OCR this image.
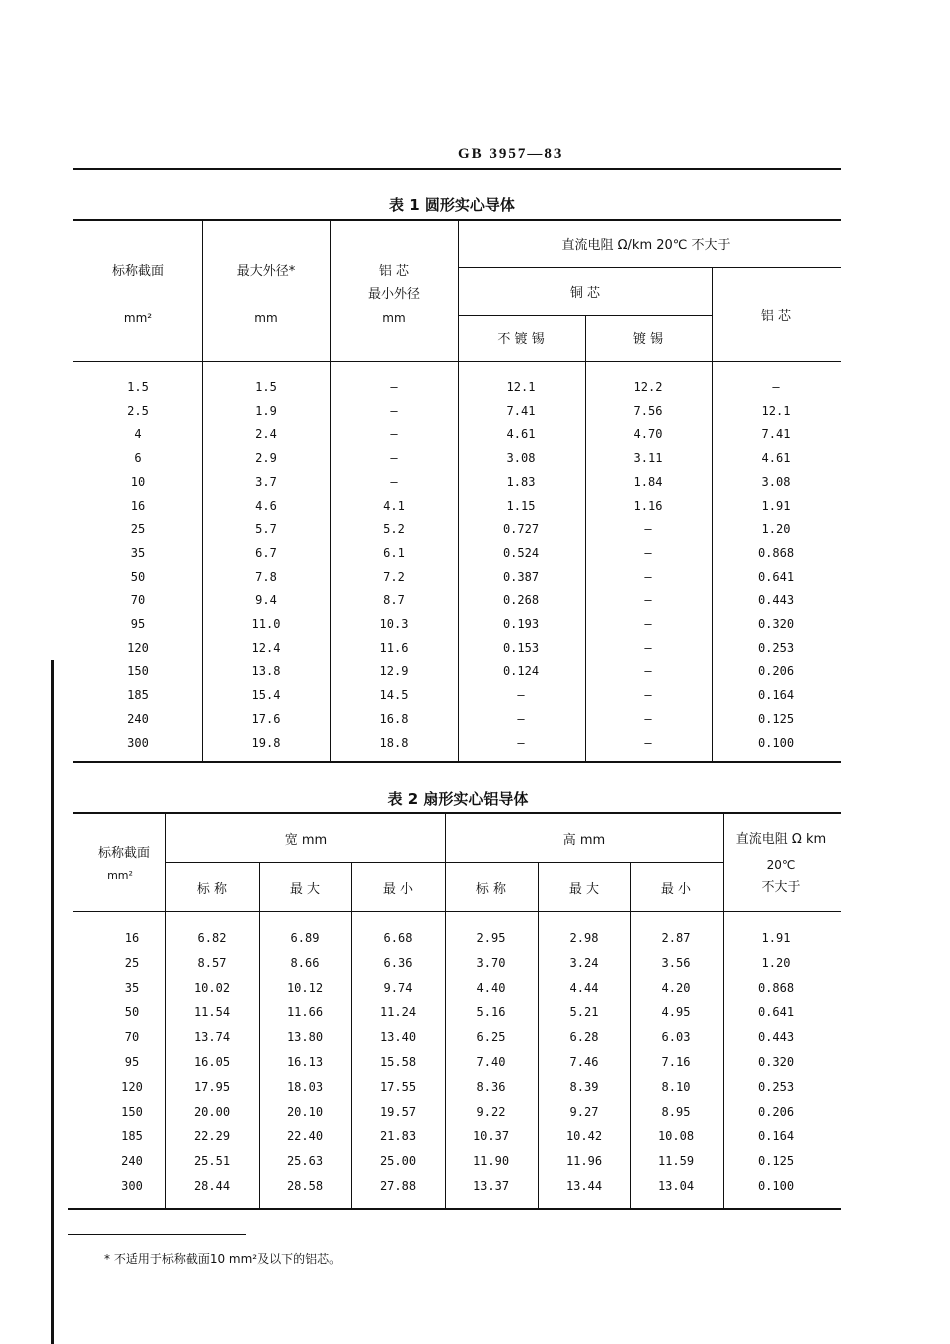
GB 3957—83
表 1 圆形实心导体
标称截面
mm²
最大外径*
mm
铝 芯
最小外径
mm
直流电阻 Ω/km 20℃ 不大于
铜 芯
不 镀 锡	镀 锡
铝 芯
1.5	1.5	—	12.1	12.2	—
2.5	1.9	—	7.41	7.56	12.1
4	2.4	—	4.61	4.70	7.41
6	2.9	—	3.08	3.11	4.61
10	3.7	—	1.83	1.84	3.08
16	4.6	4.1	1.15	1.16	1.91
25	5.7	5.2	0.727	—	1.20
35	6.7	6.1	0.524	—	0.868
50	7.8	7.2	0.387	—	0.641
70	9.4	8.7	0.268	—	0.443
95	11.0	10.3	0.193	—	0.320
120	12.4	11.6	0.153	—	0.253
150	13.8	12.9	0.124	—	0.206
185	15.4	14.5	—	—	0.164
240	17.6	16.8	—	—	0.125
300	19.8	18.8	—	—	0.100
表 2 扇形实心铝导体
标称截面
mm²
宽 mm	高 mm	直流电阻 Ω km
20℃
不大于
标 称	最 大	最 小	标 称	最 大	最 小
16	6.82	6.89	6.68	2.95	2.98	2.87	1.91
25	8.57	8.66	6.36	3.70	3.24	3.56	1.20
35	10.02	10.12	9.74	4.40	4.44	4.20	0.868
50	11.54	11.66	11.24	5.16	5.21	4.95	0.641
70	13.74	13.80	13.40	6.25	6.28	6.03	0.443
95	16.05	16.13	15.58	7.40	7.46	7.16	0.320
120	17.95	18.03	17.55	8.36	8.39	8.10	0.253
150	20.00	20.10	19.57	9.22	9.27	8.95	0.206
185	22.29	22.40	21.83	10.37	10.42	10.08	0.164
240	25.51	25.63	25.00	11.90	11.96	11.59	0.125
300	28.44	28.58	27.88	13.37	13.44	13.04	0.100
* 不适用于标称截面10 mm²及以下的铝芯。
